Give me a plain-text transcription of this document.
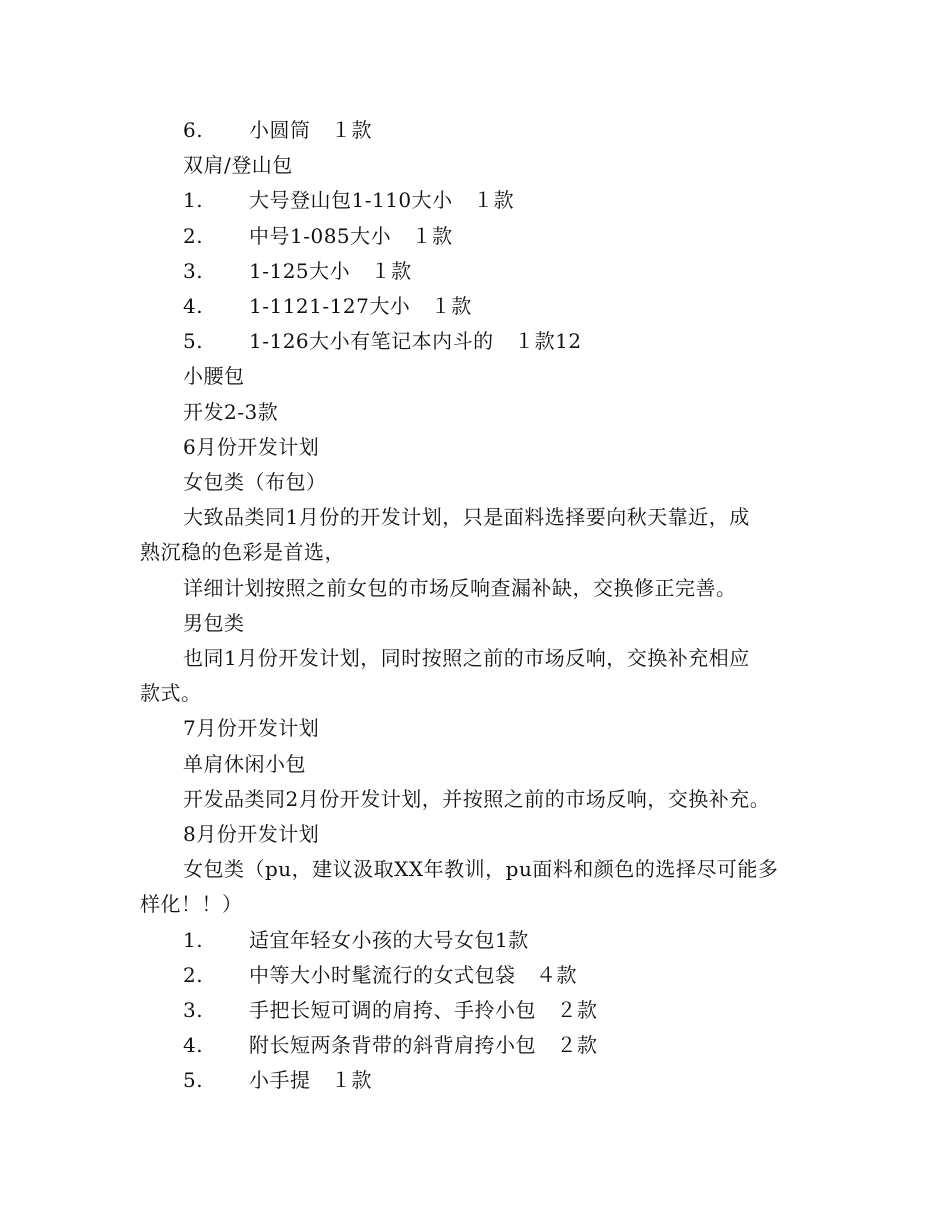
6. 小圆筒　１款
双肩/登山包
1. 大号登山包1-110大小　１款
2. 中号1-085大小　１款
3. 1-125大小　１款
4. 1-1121-127大小　１款
5. 1-126大小有笔记本内斗的　１款12
小腰包
开发2-3款
6月份开发计划
女包类（布包）
大致品类同1月份的开发计划，只是面料选择要向秋天靠近，成
熟沉稳的色彩是首选，
详细计划按照之前女包的市场反响查漏补缺，交换修正完善。
男包类
也同1月份开发计划，同时按照之前的市场反响，交换补充相应
款式。
7月份开发计划
单肩休闲小包
开发品类同2月份开发计划，并按照之前的市场反响，交换补充。
8月份开发计划
女包类（pu，建议汲取XX年教训，pu面料和颜色的选择尽可能多
样化！！）
1. 适宜年轻女小孩的大号女包1款
2. 中等大小时髦流行的女式包袋　４款
3. 手把长短可调的肩挎、手拎小包　２款
4. 附长短两条背带的斜背肩挎小包　２款
5. 小手提　１款
